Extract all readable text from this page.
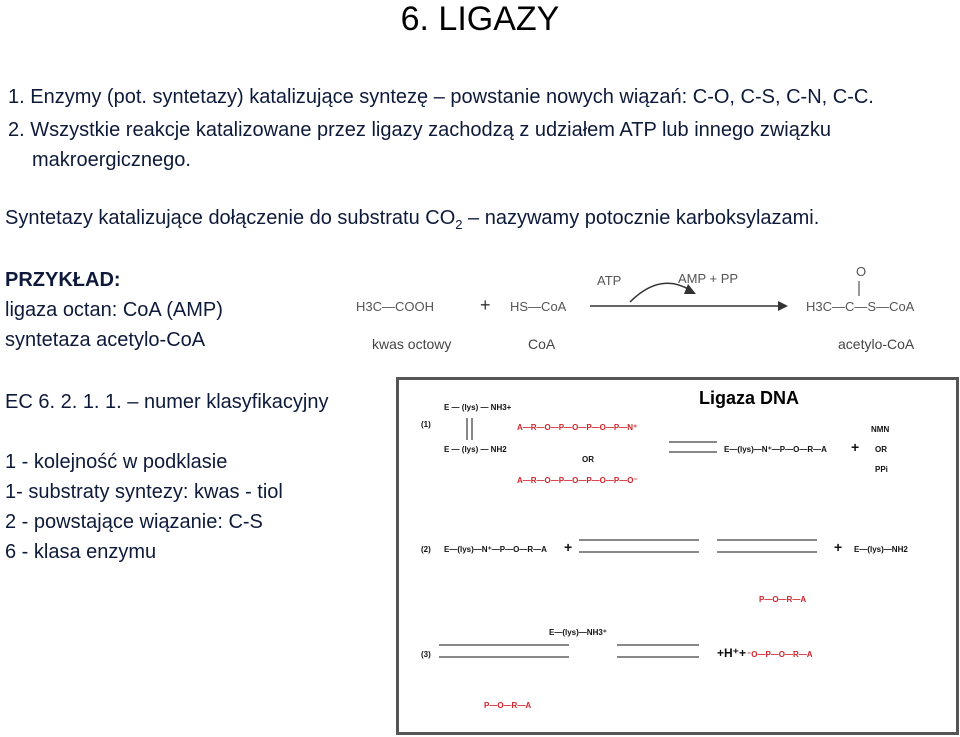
6. LIGAZY
1. Enzymy (pot. syntetazy) katalizujące syntezę – powstanie nowych wiązań: C-O, C-S, C-N, C-C.
2. Wszystkie reakcje katalizowane przez ligazy zachodzą z udziałem ATP lub innego związku
makroergicznego.
Syntetazy katalizujące dołączenie do substratu $CO_2$ – nazywamy potocznie karboksylazami.
PRZYKŁAD:
ligaza octan: CoA (AMP)
syntetaza acetylo-CoA
EC 6. 2. 1. 1. – numer klasyfikacyjny
1 - kolejność w podklasie
1- substraty syntezy: kwas - tiol
2 - powstające wiązanie: C-S
6 - klasa enzymu
H3C—COOH	+ HS—CoA
ATP	AMP + PP	O
H3C—C—S—CoA
kwas octowy	CoA	acetylo-CoA
Ligaza DNA
(1)
E — (lys) — NH3+
E — (lys) — NH2
A—R—O—P—O—P—O—P—N⁺
A—R—O—P—O—P—O—P—O⁻
OR
E—(lys)—N⁺—P—O—R—A +
NMN
OR
PPi
(2) E—(lys)—N⁺—P—O—R—A +
P—O—R—A
+ E—(lys)—NH2
(3)
E—(lys)—NH3⁺
P—O—R—A
+H⁺+ ⁻O—P—O—R—A
